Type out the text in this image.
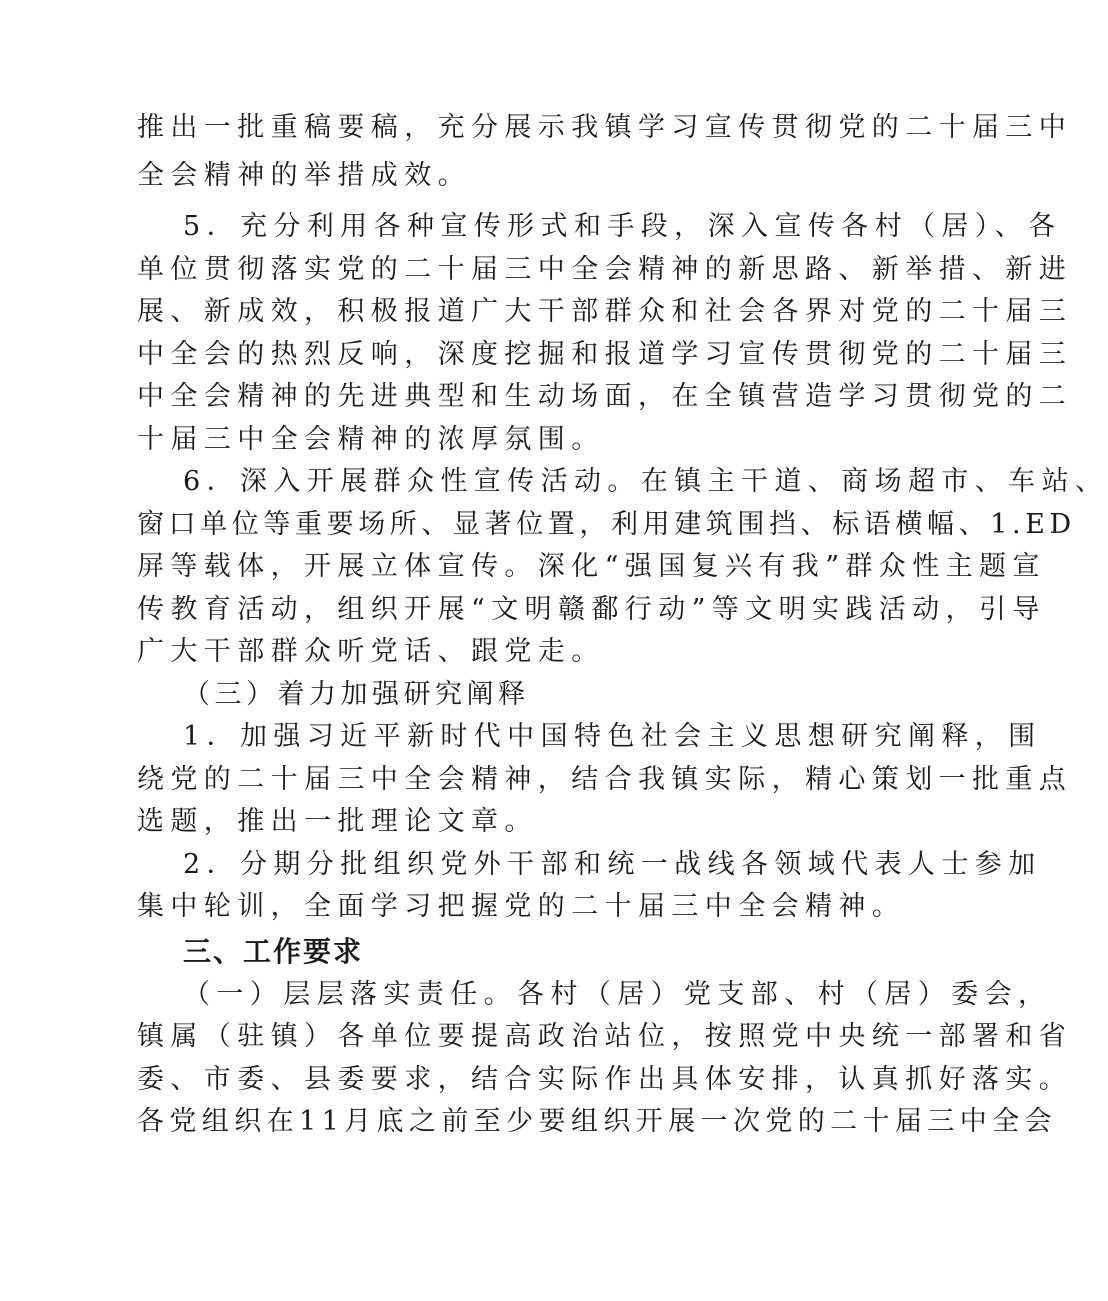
推出一批重稿要稿，充分展示我镇学习宣传贯彻党的二十届三中
全会精神的举措成效。
5．充分利用各种宣传形式和手段，深入宣传各村（居）、各
单位贯彻落实党的二十届三中全会精神的新思路、新举措、新进
展、新成效，积极报道广大干部群众和社会各界对党的二十届三
中全会的热烈反响，深度挖掘和报道学习宣传贯彻党的二十届三
中全会精神的先进典型和生动场面，在全镇营造学习贯彻党的二
十届三中全会精神的浓厚氛围。
6．深入开展群众性宣传活动。在镇主干道、商场超市、车站、
窗口单位等重要场所、显著位置，利用建筑围挡、标语横幅、1.ED
屏等载体，开展立体宣传。深化“强国复兴有我”群众性主题宣
传教育活动，组织开展“文明赣鄱行动”等文明实践活动，引导
广大干部群众听党话、跟党走。
（三）着力加强研究阐释
1．加强习近平新时代中国特色社会主义思想研究阐释，围
绕党的二十届三中全会精神，结合我镇实际，精心策划一批重点
选题，推出一批理论文章。
2．分期分批组织党外干部和统一战线各领域代表人士参加
集中轮训，全面学习把握党的二十届三中全会精神。
三、工作要求
（一）层层落实责任。各村（居）党支部、村（居）委会，
镇属（驻镇）各单位要提高政治站位，按照党中央统一部署和省
委、市委、县委要求，结合实际作出具体安排，认真抓好落实。
各党组织在11月底之前至少要组织开展一次党的二十届三中全会
